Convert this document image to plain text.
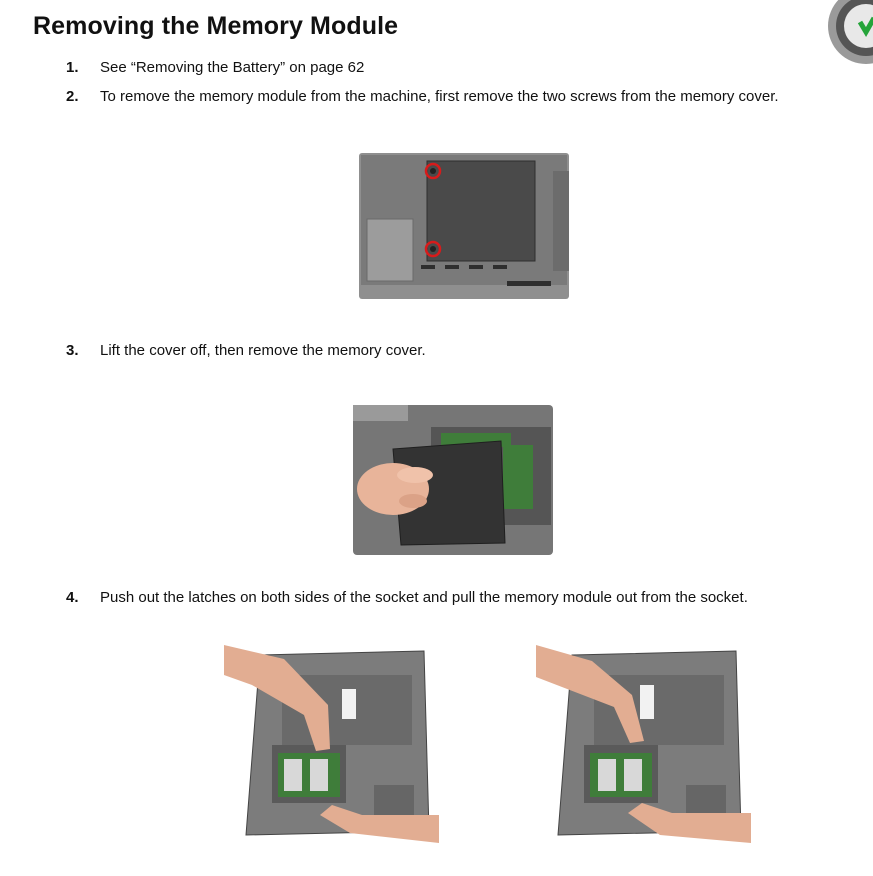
Removing the Memory Module
1. See “Removing the Battery” on page 62
2. To remove the memory module from the machine, first remove the two screws from the memory cover.
3. Lift the cover off, then remove the memory cover.
4. Push out the latches on both sides of the socket and pull the memory module out from the socket.
